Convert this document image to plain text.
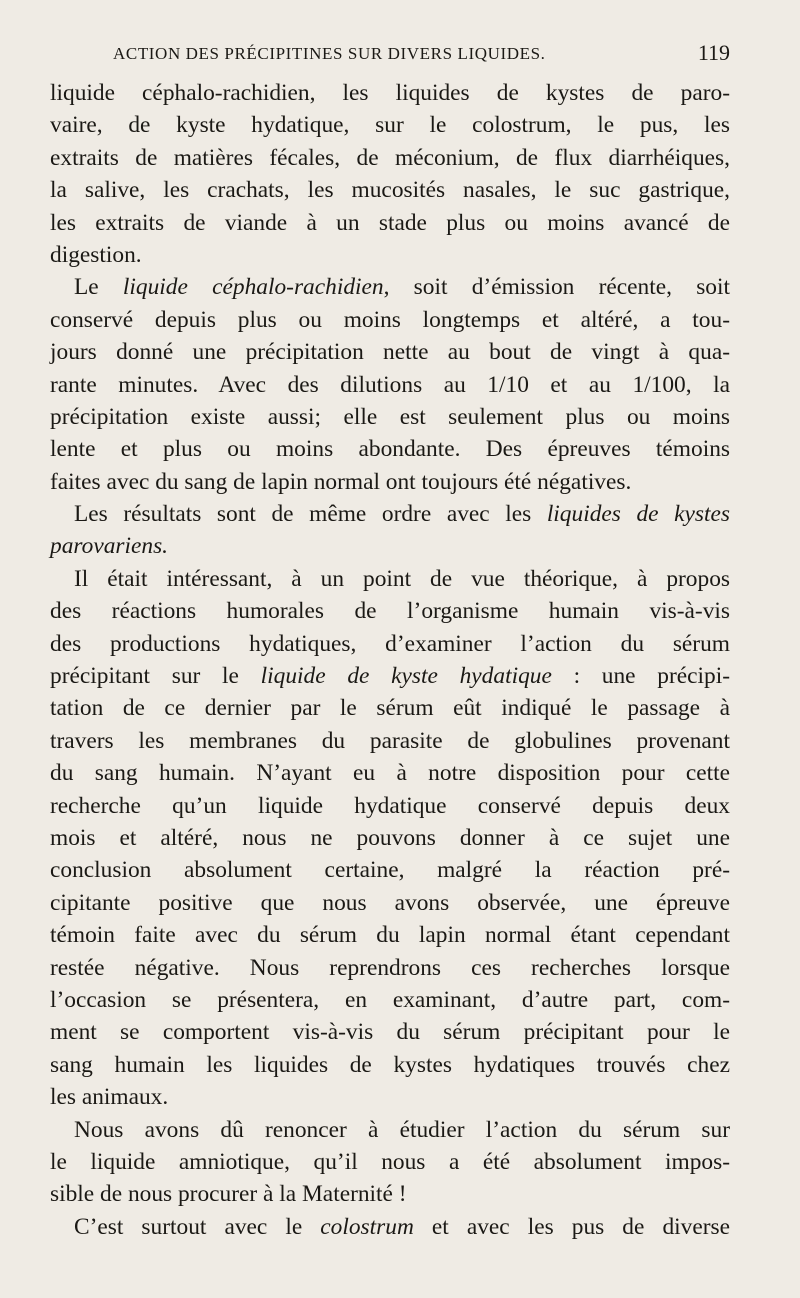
ACTION DES PRÉCIPITINES SUR DIVERS LIQUIDES.	119
liquide céphalo-rachidien, les liquides de kystes de paro-
vaire, de kyste hydatique, sur le colostrum, le pus, les
extraits de matières fécales, de méconium, de flux diarrhéiques,
la salive, les crachats, les mucosités nasales, le suc gastrique,
les extraits de viande à un stade plus ou moins avancé de
digestion.
Le liquide céphalo-rachidien, soit d’émission récente, soit
conservé depuis plus ou moins longtemps et altéré, a tou-
jours donné une précipitation nette au bout de vingt à qua-
rante minutes. Avec des dilutions au 1/10 et au 1/100, la
précipitation existe aussi; elle est seulement plus ou moins
lente et plus ou moins abondante. Des épreuves témoins
faites avec du sang de lapin normal ont toujours été négatives.
Les résultats sont de même ordre avec les liquides de kystes
parovariens.
Il était intéressant, à un point de vue théorique, à propos
des réactions humorales de l’organisme humain vis-à-vis
des productions hydatiques, d’examiner l’action du sérum
précipitant sur le liquide de kyste hydatique : une précipi-
tation de ce dernier par le sérum eût indiqué le passage à
travers les membranes du parasite de globulines provenant
du sang humain. N’ayant eu à notre disposition pour cette
recherche qu’un liquide hydatique conservé depuis deux
mois et altéré, nous ne pouvons donner à ce sujet une
conclusion absolument certaine, malgré la réaction pré-
cipitante positive que nous avons observée, une épreuve
témoin faite avec du sérum du lapin normal étant cependant
restée négative. Nous reprendrons ces recherches lorsque
l’occasion se présentera, en examinant, d’autre part, com-
ment se comportent vis-à-vis du sérum précipitant pour le
sang humain les liquides de kystes hydatiques trouvés chez
les animaux.
Nous avons dû renoncer à étudier l’action du sérum sur
le liquide amniotique, qu’il nous a été absolument impos-
sible de nous procurer à la Maternité !
C’est surtout avec le colostrum et avec les pus de diverse
